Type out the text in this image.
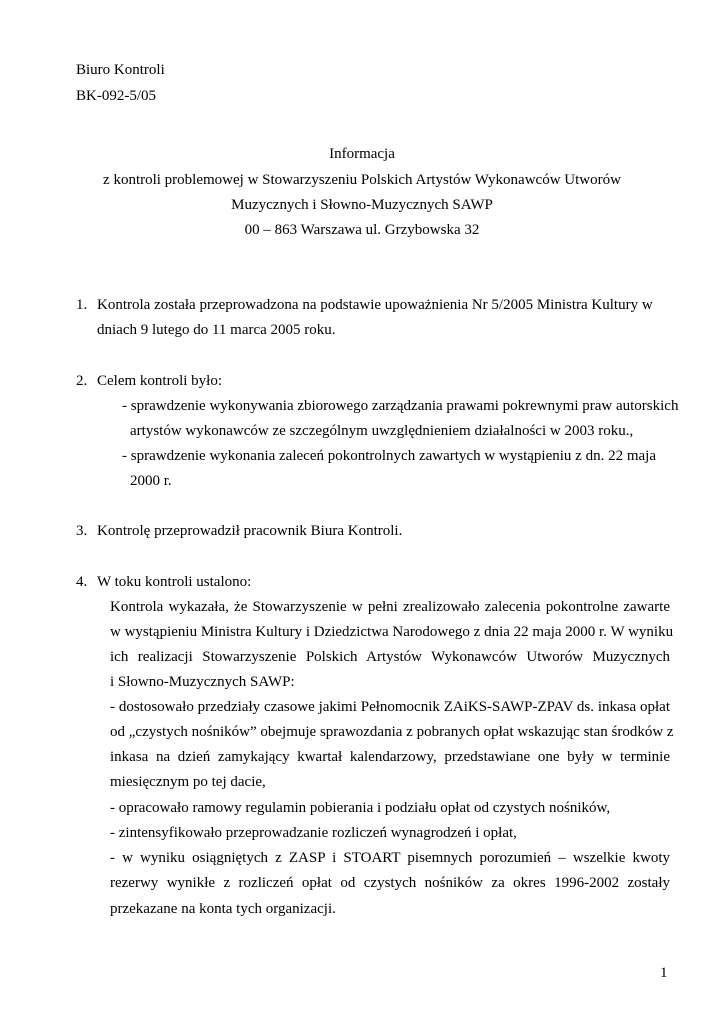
Biuro Kontroli
BK-092-5/05
Informacja
z kontroli problemowej w Stowarzyszeniu Polskich Artystów Wykonawców Utworów
Muzycznych i Słowno-Muzycznych SAWP
00 – 863 Warszawa ul. Grzybowska 32
1. Kontrola została przeprowadzona na podstawie upoważnienia Nr 5/2005 Ministra Kultury w
dniach 9 lutego do 11 marca 2005 roku.
2. Celem kontroli było:
- sprawdzenie wykonywania zbiorowego zarządzania prawami pokrewnymi praw autorskich
artystów wykonawców ze szczególnym uwzględnieniem działalności w 2003 roku.,
- sprawdzenie wykonania zaleceń pokontrolnych zawartych w wystąpieniu z dn. 22 maja
2000 r.
3. Kontrolę przeprowadził pracownik Biura Kontroli.
4. W toku kontroli ustalono:
Kontrola wykazała, że Stowarzyszenie w pełni zrealizowało zalecenia pokontrolne zawarte
w wystąpieniu Ministra Kultury i Dziedzictwa Narodowego z dnia 22 maja 2000 r. W wyniku
ich realizacji Stowarzyszenie Polskich Artystów Wykonawców Utworów Muzycznych
i Słowno-Muzycznych SAWP:
- dostosowało przedziały czasowe jakimi Pełnomocnik ZAiKS-SAWP-ZPAV ds. inkasa opłat
od „czystych nośników” obejmuje sprawozdania z pobranych opłat wskazując stan środków z
inkasa na dzień zamykający kwartał kalendarzowy, przedstawiane one były w terminie
miesięcznym po tej dacie,
- opracowało ramowy regulamin pobierania i podziału opłat od czystych nośników,
- zintensyfikowało przeprowadzanie rozliczeń wynagrodzeń i opłat,
- w wyniku osiągniętych z ZASP i STOART pisemnych porozumień – wszelkie kwoty
rezerwy wynikłe z rozliczeń opłat od czystych nośników za okres 1996-2002 zostały
przekazane na konta tych organizacji.
1
